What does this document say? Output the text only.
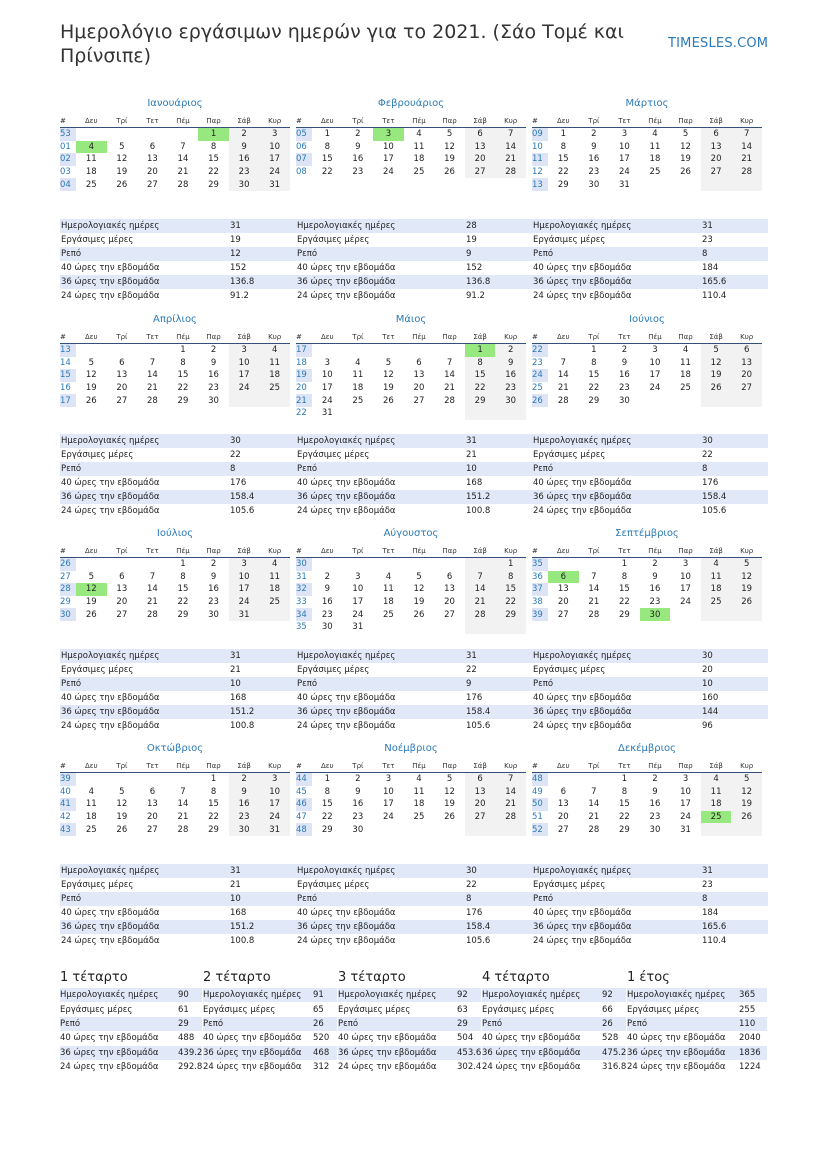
Ημερολόγιο εργάσιμων ημερών για το 2021. (Σάο Τομέ και Πρίνσιπε)
TIMESLES.COM
Ιανουάριος
#	Δευ	Τρί	Τετ	Πέμ	Παρ	Σάβ	Κυρ
53					1	2	3
01	4	5	6	7	8	9	10
02	11	12	13	14	15	16	17
03	18	19	20	21	22	23	24
04	25	26	27	28	29	30	31
Ημερολογιακές ημέρες	31
Εργάσιμες μέρες	19
Ρεπό	12
40 ώρες την εβδομάδα	152
36 ώρες την εβδομάδα	136.8
24 ώρες την εβδομάδα	91.2
Φεβρουάριος
#	Δευ	Τρί	Τετ	Πέμ	Παρ	Σάβ	Κυρ
05	1	2	3	4	5	6	7
06	8	9	10	11	12	13	14
07	15	16	17	18	19	20	21
08	22	23	24	25	26	27	28
Ημερολογιακές ημέρες	28
Εργάσιμες μέρες	19
Ρεπό	9
40 ώρες την εβδομάδα	152
36 ώρες την εβδομάδα	136.8
24 ώρες την εβδομάδα	91.2
Μάρτιος
#	Δευ	Τρί	Τετ	Πέμ	Παρ	Σάβ	Κυρ
09	1	2	3	4	5	6	7
10	8	9	10	11	12	13	14
11	15	16	17	18	19	20	21
12	22	23	24	25	26	27	28
13	29	30	31				
Ημερολογιακές ημέρες	31
Εργάσιμες μέρες	23
Ρεπό	8
40 ώρες την εβδομάδα	184
36 ώρες την εβδομάδα	165.6
24 ώρες την εβδομάδα	110.4
Απρίλιος
#	Δευ	Τρί	Τετ	Πέμ	Παρ	Σάβ	Κυρ
13				1	2	3	4
14	5	6	7	8	9	10	11
15	12	13	14	15	16	17	18
16	19	20	21	22	23	24	25
17	26	27	28	29	30		
Ημερολογιακές ημέρες	30
Εργάσιμες μέρες	22
Ρεπό	8
40 ώρες την εβδομάδα	176
36 ώρες την εβδομάδα	158.4
24 ώρες την εβδομάδα	105.6
Μάιος
#	Δευ	Τρί	Τετ	Πέμ	Παρ	Σάβ	Κυρ
17						1	2
18	3	4	5	6	7	8	9
19	10	11	12	13	14	15	16
20	17	18	19	20	21	22	23
21	24	25	26	27	28	29	30
22	31						
Ημερολογιακές ημέρες	31
Εργάσιμες μέρες	21
Ρεπό	10
40 ώρες την εβδομάδα	168
36 ώρες την εβδομάδα	151.2
24 ώρες την εβδομάδα	100.8
Ιούνιος
#	Δευ	Τρί	Τετ	Πέμ	Παρ	Σάβ	Κυρ
22		1	2	3	4	5	6
23	7	8	9	10	11	12	13
24	14	15	16	17	18	19	20
25	21	22	23	24	25	26	27
26	28	29	30				
Ημερολογιακές ημέρες	30
Εργάσιμες μέρες	22
Ρεπό	8
40 ώρες την εβδομάδα	176
36 ώρες την εβδομάδα	158.4
24 ώρες την εβδομάδα	105.6
Ιούλιος
#	Δευ	Τρί	Τετ	Πέμ	Παρ	Σάβ	Κυρ
26				1	2	3	4
27	5	6	7	8	9	10	11
28	12	13	14	15	16	17	18
29	19	20	21	22	23	24	25
30	26	27	28	29	30	31	
Ημερολογιακές ημέρες	31
Εργάσιμες μέρες	21
Ρεπό	10
40 ώρες την εβδομάδα	168
36 ώρες την εβδομάδα	151.2
24 ώρες την εβδομάδα	100.8
Αύγουστος
#	Δευ	Τρί	Τετ	Πέμ	Παρ	Σάβ	Κυρ
30							1
31	2	3	4	5	6	7	8
32	9	10	11	12	13	14	15
33	16	17	18	19	20	21	22
34	23	24	25	26	27	28	29
35	30	31					
Ημερολογιακές ημέρες	31
Εργάσιμες μέρες	22
Ρεπό	9
40 ώρες την εβδομάδα	176
36 ώρες την εβδομάδα	158.4
24 ώρες την εβδομάδα	105.6
Σεπτέμβριος
#	Δευ	Τρί	Τετ	Πέμ	Παρ	Σάβ	Κυρ
35			1	2	3	4	5
36	6	7	8	9	10	11	12
37	13	14	15	16	17	18	19
38	20	21	22	23	24	25	26
39	27	28	29	30			
Ημερολογιακές ημέρες	30
Εργάσιμες μέρες	20
Ρεπό	10
40 ώρες την εβδομάδα	160
36 ώρες την εβδομάδα	144
24 ώρες την εβδομάδα	96
Οκτώβριος
#	Δευ	Τρί	Τετ	Πέμ	Παρ	Σάβ	Κυρ
39					1	2	3
40	4	5	6	7	8	9	10
41	11	12	13	14	15	16	17
42	18	19	20	21	22	23	24
43	25	26	27	28	29	30	31
Ημερολογιακές ημέρες	31
Εργάσιμες μέρες	21
Ρεπό	10
40 ώρες την εβδομάδα	168
36 ώρες την εβδομάδα	151.2
24 ώρες την εβδομάδα	100.8
Νοέμβριος
#	Δευ	Τρί	Τετ	Πέμ	Παρ	Σάβ	Κυρ
44	1	2	3	4	5	6	7
45	8	9	10	11	12	13	14
46	15	16	17	18	19	20	21
47	22	23	24	25	26	27	28
48	29	30					
Ημερολογιακές ημέρες	30
Εργάσιμες μέρες	22
Ρεπό	8
40 ώρες την εβδομάδα	176
36 ώρες την εβδομάδα	158.4
24 ώρες την εβδομάδα	105.6
Δεκέμβριος
#	Δευ	Τρί	Τετ	Πέμ	Παρ	Σάβ	Κυρ
48			1	2	3	4	5
49	6	7	8	9	10	11	12
50	13	14	15	16	17	18	19
51	20	21	22	23	24	25	26
52	27	28	29	30	31		
Ημερολογιακές ημέρες	31
Εργάσιμες μέρες	23
Ρεπό	8
40 ώρες την εβδομάδα	184
36 ώρες την εβδομάδα	165.6
24 ώρες την εβδομάδα	110.4
1 τέταρτο
Ημερολογιακές ημέρες	90
Εργάσιμες μέρες	61
Ρεπό	29
40 ώρες την εβδομάδα	488
36 ώρες την εβδομάδα	439.2
24 ώρες την εβδομάδα	292.8
2 τέταρτο
Ημερολογιακές ημέρες	91
Εργάσιμες μέρες	65
Ρεπό	26
40 ώρες την εβδομάδα	520
36 ώρες την εβδομάδα	468
24 ώρες την εβδομάδα	312
3 τέταρτο
Ημερολογιακές ημέρες	92
Εργάσιμες μέρες	63
Ρεπό	29
40 ώρες την εβδομάδα	504
36 ώρες την εβδομάδα	453.6
24 ώρες την εβδομάδα	302.4
4 τέταρτο
Ημερολογιακές ημέρες	92
Εργάσιμες μέρες	66
Ρεπό	26
40 ώρες την εβδομάδα	528
36 ώρες την εβδομάδα	475.2
24 ώρες την εβδομάδα	316.8
1 έτος
Ημερολογιακές ημέρες	365
Εργάσιμες μέρες	255
Ρεπό	110
40 ώρες την εβδομάδα	2040
36 ώρες την εβδομάδα	1836
24 ώρες την εβδομάδα	1224
